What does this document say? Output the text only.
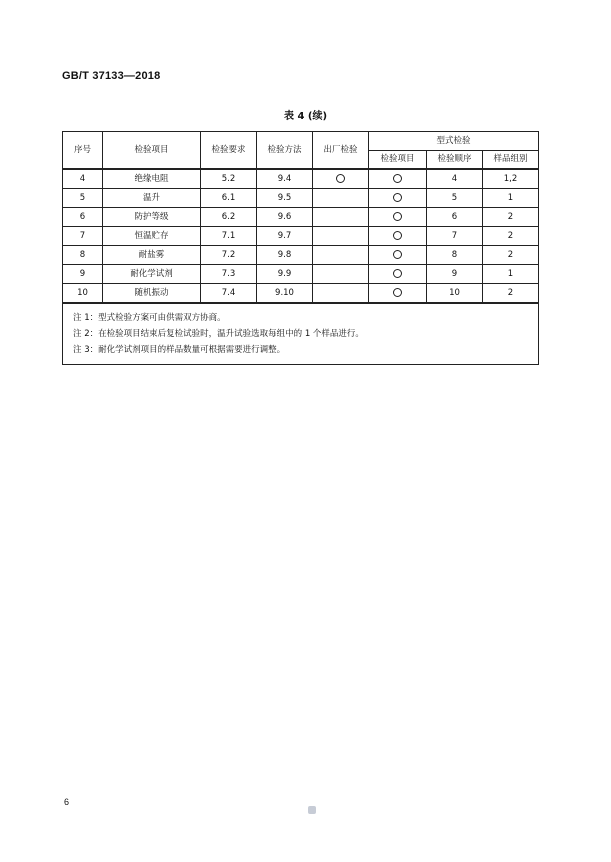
GB/T 37133—2018
表 4 (续)
序号	检验项目	检验要求	检验方法	出厂检验	型式检验		
					检验项目	检验顺序	样品组别
4	绝缘电阻	5.2	9.4			4	1,2
5	温升	6.1	9.5			5	1
6	防护等级	6.2	9.6			6	2
7	恒温贮存	7.1	9.7			7	2
8	耐盐雾	7.2	9.8			8	2
9	耐化学试剂	7.3	9.9			9	1
10	随机振动	7.4	9.10			10	2

注 1：型式检验方案可由供需双方协商。
注 2：在检验项目结束后复检试验时，温升试验选取每组中的 1 个样品进行。
注 3：耐化学试剂项目的样品数量可根据需要进行调整。							
6
